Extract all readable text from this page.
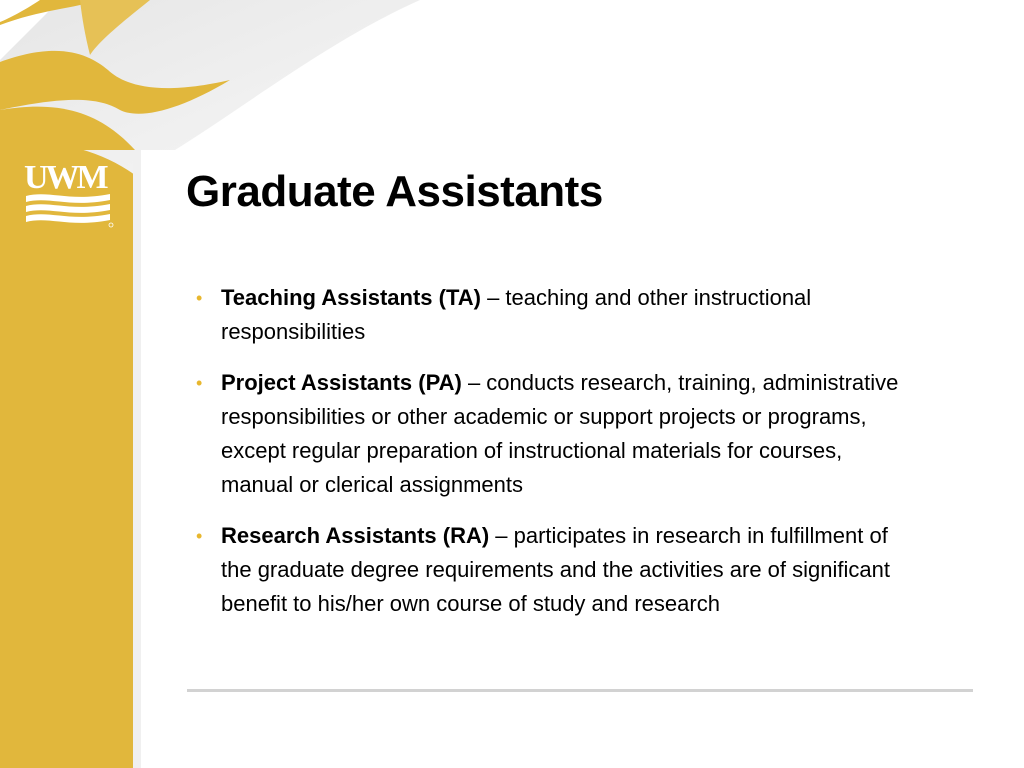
UWM Graduate Assistants
• Teaching Assistants (TA) – teaching and other instructional responsibilities
• Project Assistants (PA) – conducts research, training, administrative responsibilities or other academic or support projects or programs, except regular preparation of instructional materials for courses, manual or clerical assignments
• Research Assistants (RA) – participates in research in fulfillment of the graduate degree requirements and the activities are of significant benefit to his/her own course of study and research
